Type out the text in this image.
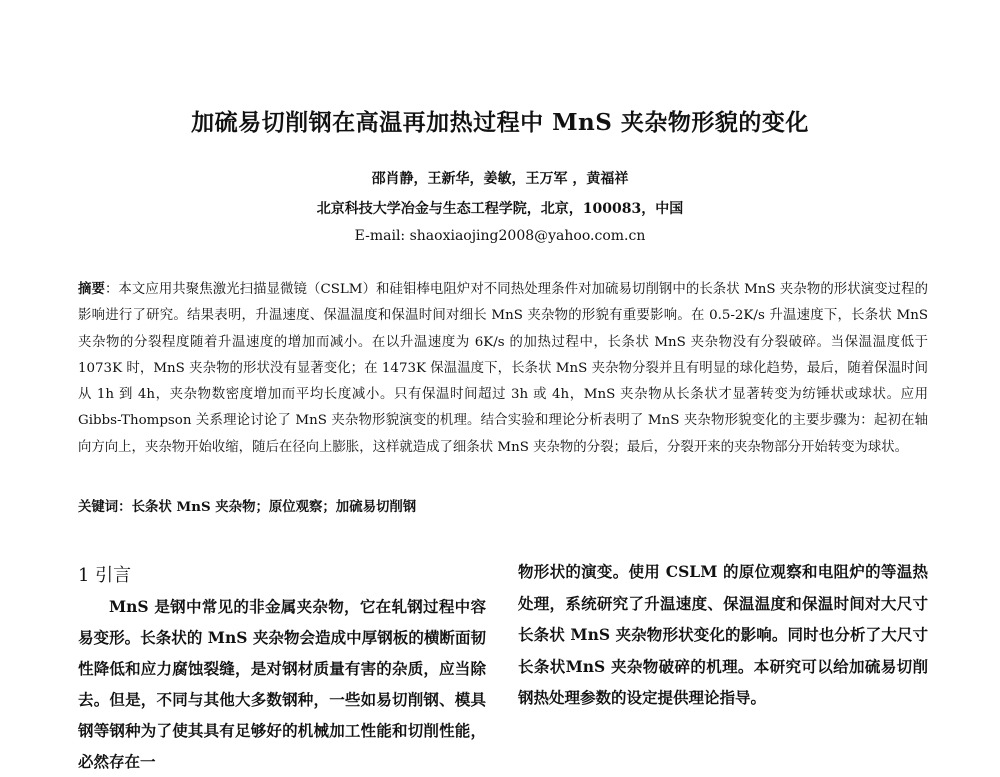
加硫易切削钢在高温再加热过程中 MnS 夹杂物形貌的变化
邵肖静，王新华，姜敏，王万军 ，黄福祥
北京科技大学冶金与生态工程学院，北京，100083，中国
E-mail: shaoxiaojing2008@yahoo.com.cn
摘要：本文应用共聚焦激光扫描显微镜（CSLM）和硅钼棒电阻炉对不同热处理条件对加硫易切削钢中的长条状 MnS 夹杂物的形状演变过程的影响进行了研究。结果表明，升温速度、保温温度和保温时间对细长 MnS 夹杂物的形貌有重要影响。在 0.5-2K/s 升温速度下，长条状 MnS 夹杂物的分裂程度随着升温速度的增加而减小。在以升温速度为 6K/s 的加热过程中，长条状 MnS 夹杂物没有分裂破碎。当保温温度低于 1073K 时，MnS 夹杂物的形状没有显著变化；在 1473K 保温温度下，长条状 MnS 夹杂物分裂并且有明显的球化趋势，最后，随着保温时间从 1h 到 4h，夹杂物数密度增加而平均长度减小。只有保温时间超过 3h 或 4h，MnS 夹杂物从长条状才显著转变为纺锤状或球状。应用 Gibbs-Thompson 关系理论讨论了 MnS 夹杂物形貌演变的机理。结合实验和理论分析表明了 MnS 夹杂物形貌变化的主要步骤为：起初在轴向方向上，夹杂物开始收缩，随后在径向上膨胀，这样就造成了细条状 MnS 夹杂物的分裂；最后，分裂开来的夹杂物部分开始转变为球状。
关键词：长条状 MnS 夹杂物；原位观察；加硫易切削钢
1 引言

MnS 是钢中常见的非金属夹杂物，它在轧钢过程中容易变形。长条状的 MnS 夹杂物会造成中厚钢板的横断面韧性降低和应力腐蚀裂缝，是对钢材质量有害的杂质，应当除去。但是，不同与其他大多数钢种，一些如易切削钢、模具钢等钢种为了使其具有足够好的机械加工性能和切削性能，必然存在一

物形状的演变。使用 CSLM 的原位观察和电阻炉的等温热处理，系统研究了升温速度、保温温度和保温时间对大尺寸长条状 MnS 夹杂物形状变化的影响。同时也分析了大尺寸长条状MnS 夹杂物破碎的机理。本研究可以给加硫易切削钢热处理参数的设定提供理论指导。
